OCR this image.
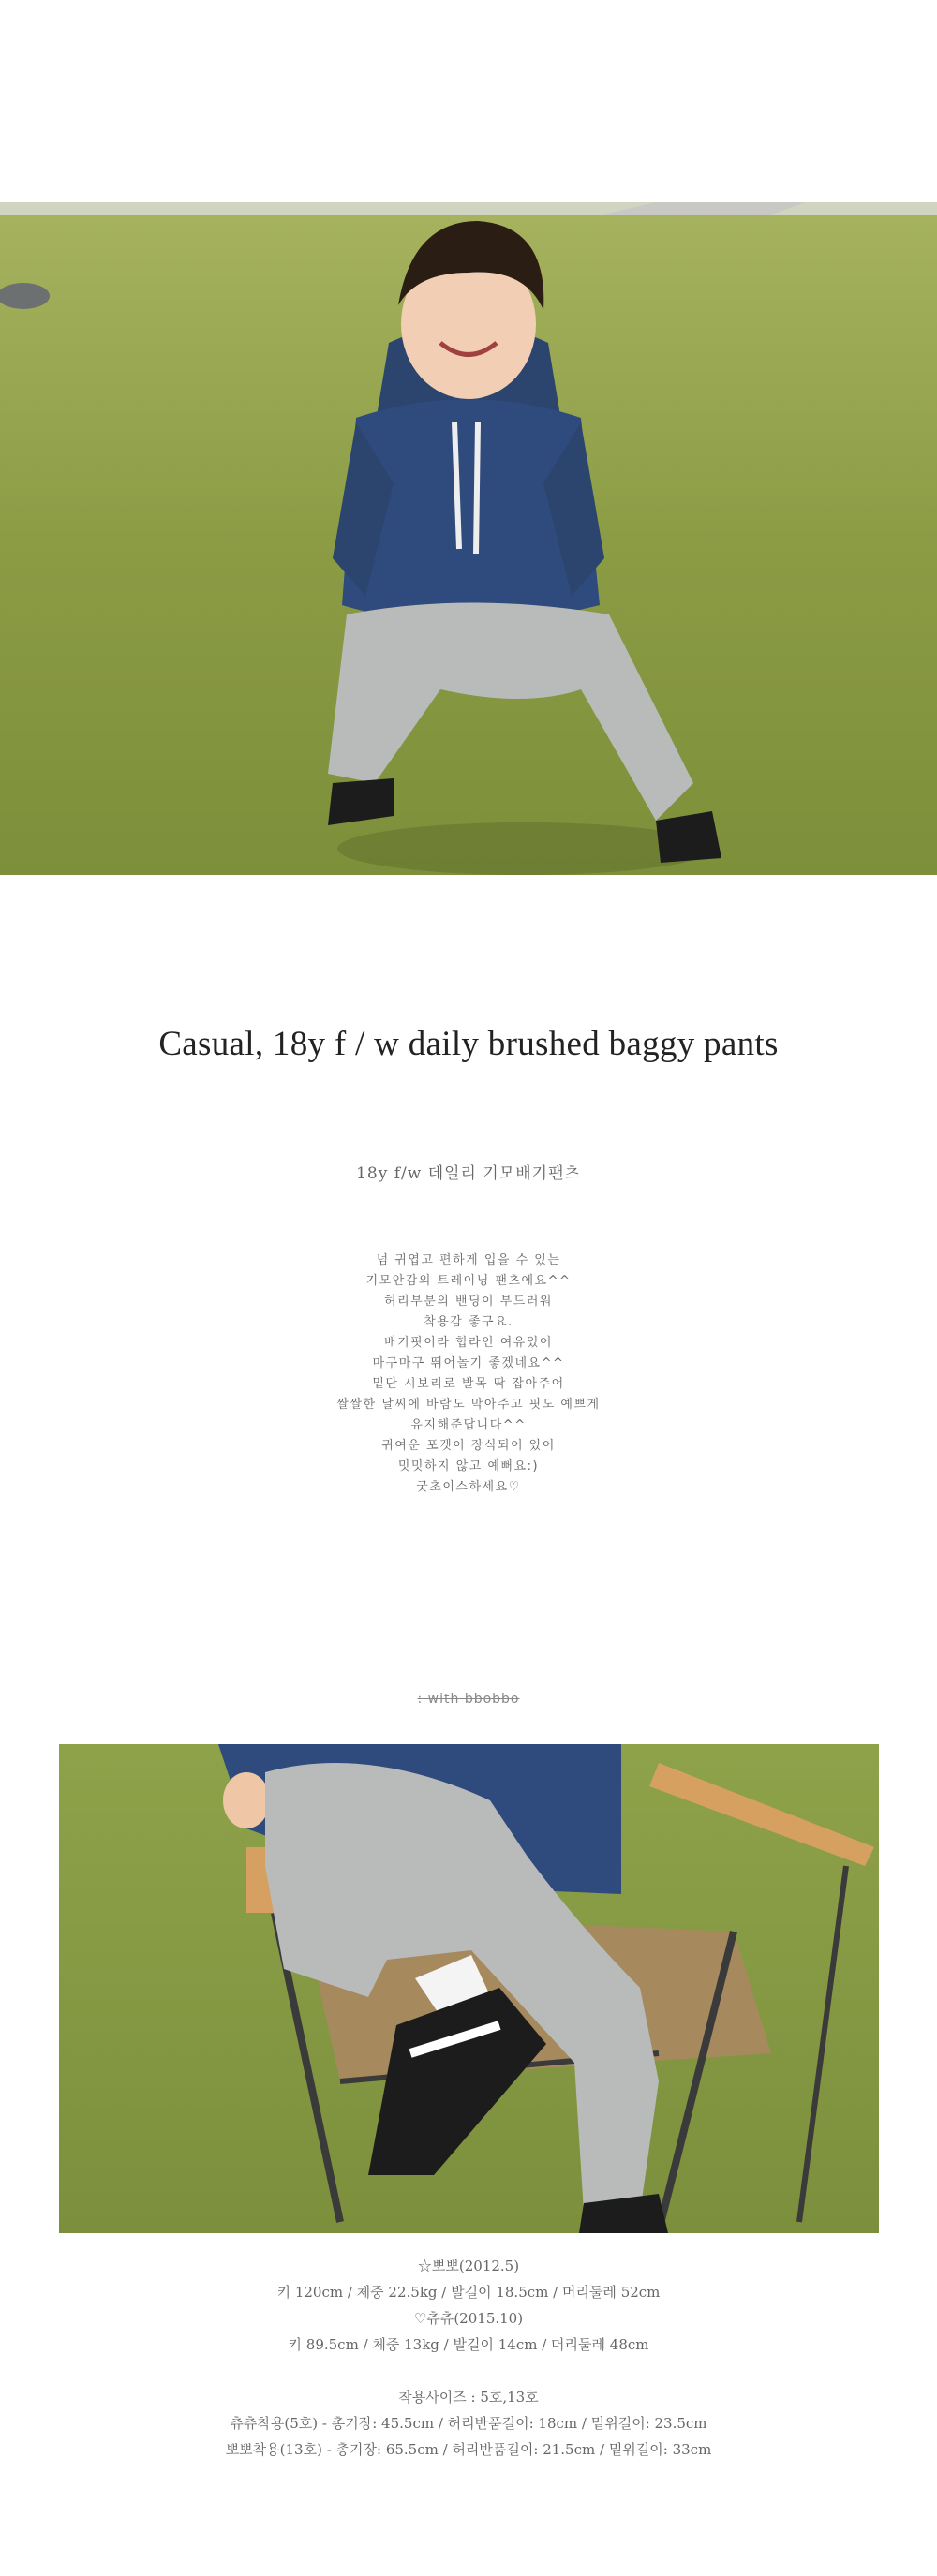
Casual, 18y f / w daily brushed baggy pants
18y f/w 데일리 기모배기팬츠
넘 귀엽고 편하게 입을 수 있는
기모안감의 트레이닝 팬츠에요^^
허리부분의 밴딩이 부드러워
착용감 좋구요.
배기핏이라 힙라인 여유있어
마구마구 뛰어놀기 좋겠네요^^
밑단 시보리로 발목 딱 잡아주어
쌀쌀한 날씨에 바람도 막아주고 핏도 예쁘게
유지해준답니다^^
귀여운 포켓이 장식되어 있어
밋밋하지 않고 예뻐요:)
굿초이스하세요♡
: with bbobbo
☆뽀뽀(2012.5)
키 120cm / 체중 22.5kg / 발길이 18.5cm / 머리둘레 52cm
♡츄츄(2015.10)
키 89.5cm / 체중 13kg / 발길이 14cm / 머리둘레 48cm
착용사이즈 : 5호,13호
츄츄착용(5호) - 총기장: 45.5cm / 허리반품길이: 18cm / 밑위길이: 23.5cm
뽀뽀착용(13호) - 총기장: 65.5cm / 허리반품길이: 21.5cm / 밑위길이: 33cm
